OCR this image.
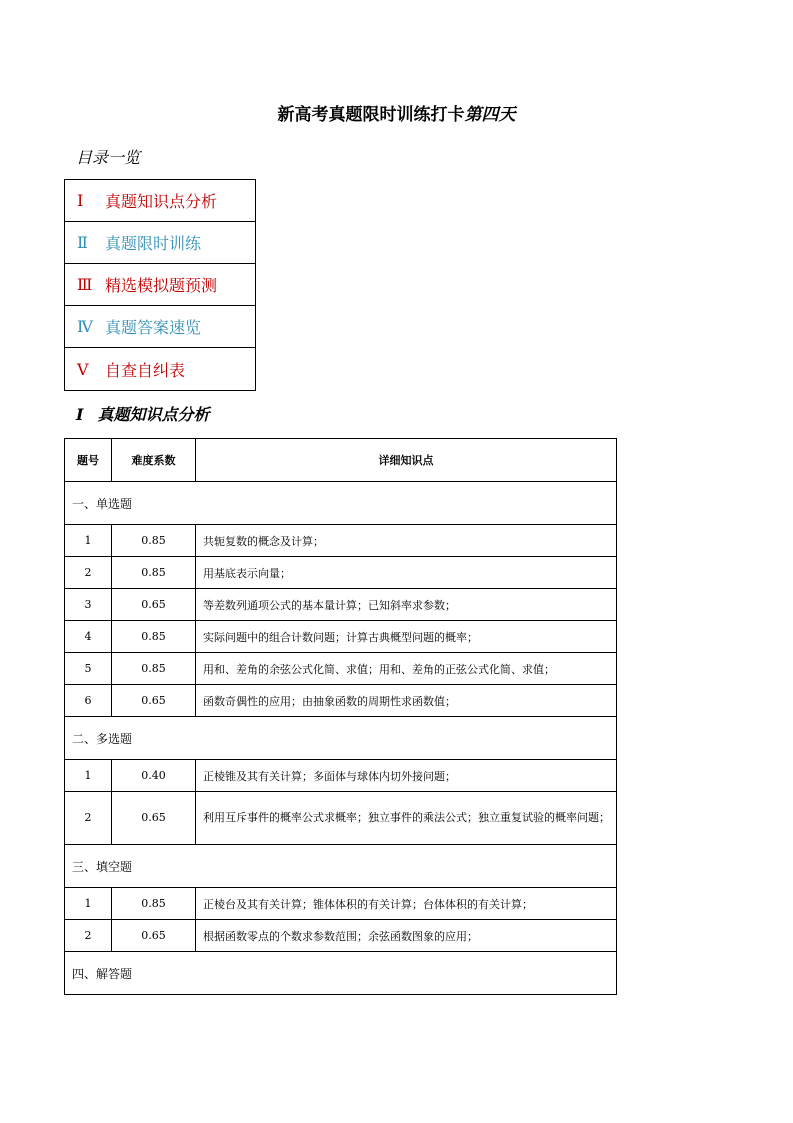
新高考真题限时训练打卡第四天
目录一览
Ⅰ	真题知识点分析
Ⅱ	真题限时训练
Ⅲ 精选模拟题预测
Ⅳ 真题答案速览
Ⅴ	自查自纠表
Ⅰ 真题知识点分析
题号	难度系数	详细知识点
一、单选题		
1	0.85	共轭复数的概念及计算；
2	0.85	用基底表示向量；
3	0.65	等差数列通项公式的基本量计算；已知斜率求参数；
4	0.85	实际问题中的组合计数问题；计算古典概型问题的概率；
5	0.85	用和、差角的余弦公式化简、求值；用和、差角的正弦公式化简、求值；
6	0.65	函数奇偶性的应用；由抽象函数的周期性求函数值；
二、多选题		
1	0.40	正棱锥及其有关计算；多面体与球体内切外接问题；
2	0.65	利用互斥事件的概率公式求概率；独立事件的乘法公式；独立重复试验的概率问题；
三、填空题		
1	0.85	正棱台及其有关计算；锥体体积的有关计算；台体体积的有关计算；
2	0.65	根据函数零点的个数求参数范围；余弦函数图象的应用；
四、解答题		
